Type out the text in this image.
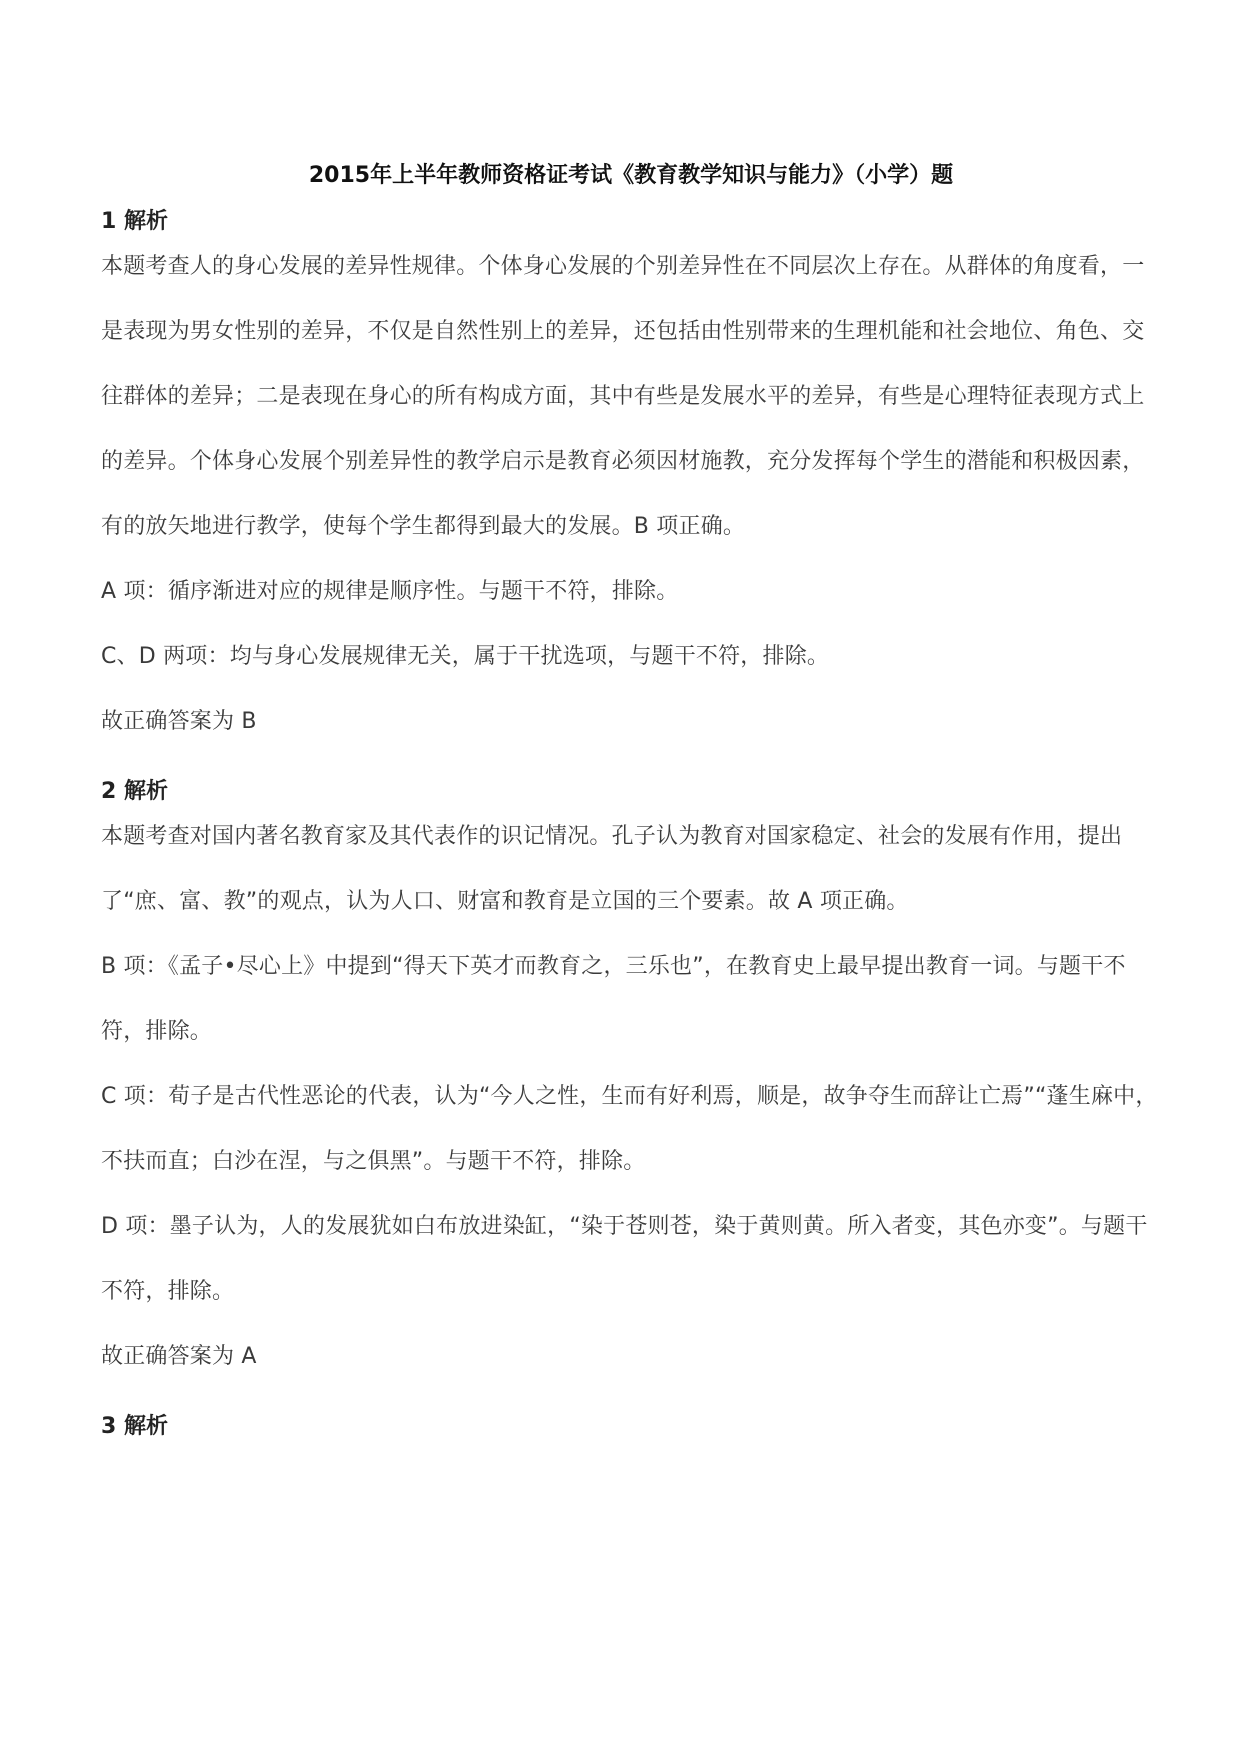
2015年上半年教师资格证考试《教育教学知识与能力》（小学）题
1 解析

本题考查人的身心发展的差异性规律。个体身心发展的个别差异性在不同层次上存在。从群体的角度看，一是表现为男女性别的差异，不仅是自然性别上的差异，还包括由性别带来的生理机能和社会地位、角色、交往群体的差异；二是表现在身心的所有构成方面，其中有些是发展水平的差异，有些是心理特征表现方式上的差异。个体身心发展个别差异性的教学启示是教育必须因材施教，充分发挥每个学生的潜能和积极因素，有的放矢地进行教学，使每个学生都得到最大的发展。B 项正确。

A 项：循序渐进对应的规律是顺序性。与题干不符，排除。

C、D 两项：均与身心发展规律无关，属于干扰选项，与题干不符，排除。

故正确答案为 B

2 解析

本题考查对国内著名教育家及其代表作的识记情况。孔子认为教育对国家稳定、社会的发展有作用，提出了“庶、富、教”的观点，认为人口、财富和教育是立国的三个要素。故 A 项正确。

B 项：《孟子•尽心上》中提到“得天下英才而教育之，三乐也”，在教育史上最早提出教育一词。与题干不符，排除。

C 项：荀子是古代性恶论的代表，认为“今人之性，生而有好利焉，顺是，故争夺生而辞让亡焉”“蓬生麻中，不扶而直；白沙在涅，与之俱黑”。与题干不符，排除。

D 项：墨子认为，人的发展犹如白布放进染缸，“染于苍则苍，染于黄则黄。所入者变，其色亦变”。与题干不符，排除。

故正确答案为 A

3 解析
